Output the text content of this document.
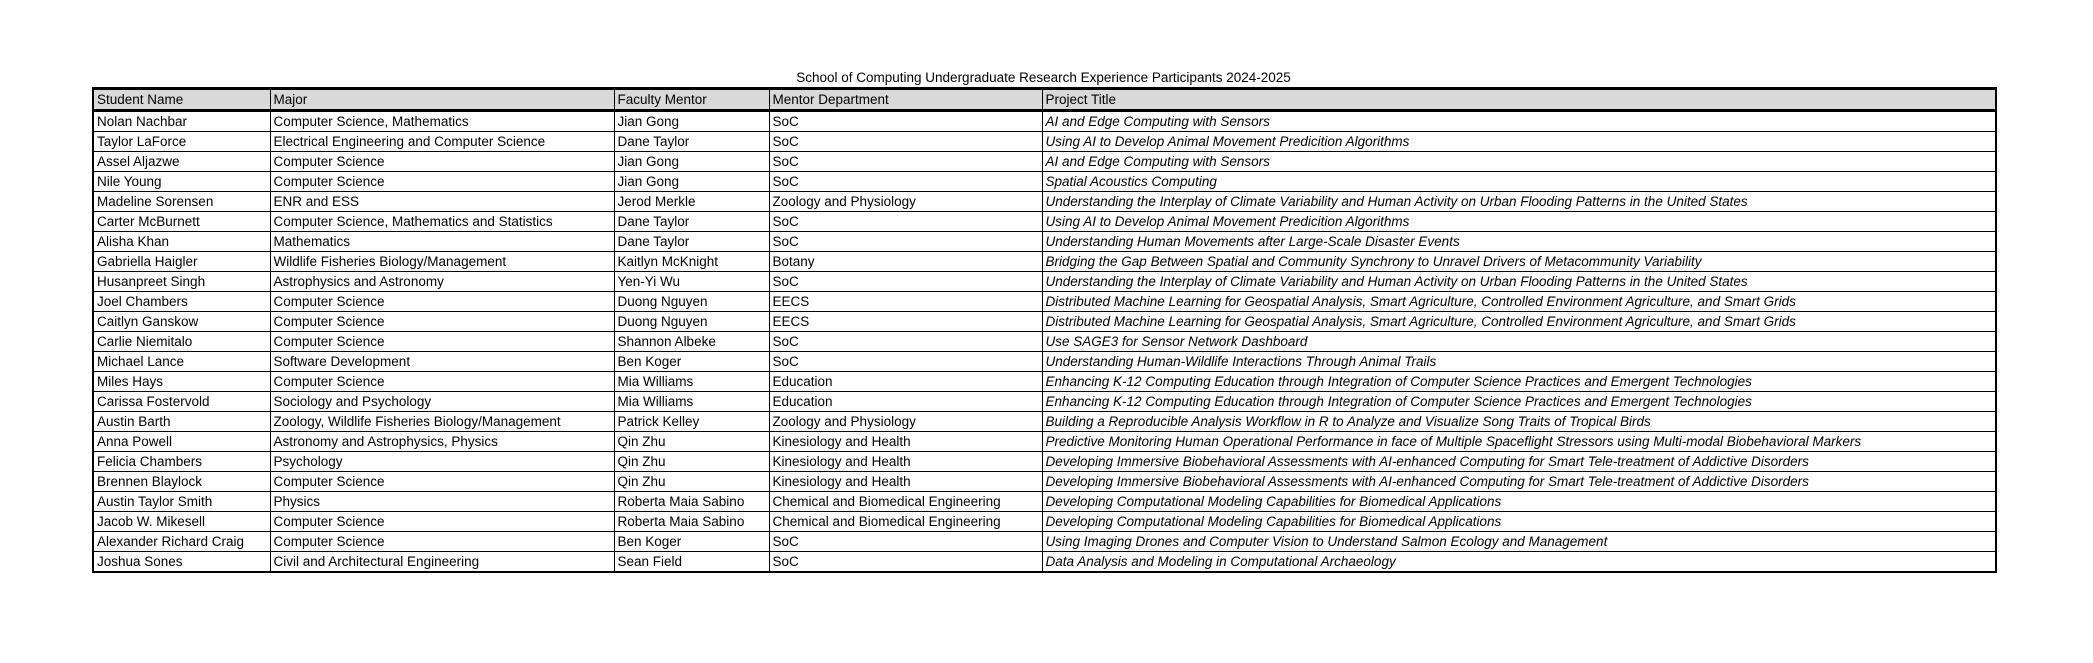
School of Computing Undergraduate Research Experience Participants 2024-2025
Student Name	Major	Faculty Mentor	Mentor Department	Project Title
Nolan Nachbar	Computer Science, Mathematics	Jian Gong	SoC	AI and Edge Computing with Sensors
Taylor LaForce	Electrical Engineering and Computer Science	Dane Taylor	SoC	Using AI to Develop Animal Movement Predicition Algorithms
Assel Aljazwe	Computer Science	Jian Gong	SoC	AI and Edge Computing with Sensors
Nile Young	Computer Science	Jian Gong	SoC	Spatial Acoustics Computing
Madeline Sorensen	ENR and ESS	Jerod Merkle	Zoology and Physiology	Understanding the Interplay of Climate Variability and Human Activity on Urban Flooding Patterns in the United States
Carter McBurnett	Computer Science, Mathematics and Statistics	Dane Taylor	SoC	Using AI to Develop Animal Movement Predicition Algorithms
Alisha Khan	Mathematics	Dane Taylor	SoC	Understanding Human Movements after Large-Scale Disaster Events
Gabriella Haigler	Wildlife Fisheries Biology/Management	Kaitlyn McKnight	Botany	Bridging the Gap Between Spatial and Community Synchrony to Unravel Drivers of Metacommunity Variability
Husanpreet Singh	Astrophysics and Astronomy	Yen-Yi Wu	SoC	Understanding the Interplay of Climate Variability and Human Activity on Urban Flooding Patterns in the United States
Joel Chambers	Computer Science	Duong Nguyen	EECS	Distributed Machine Learning for Geospatial Analysis, Smart Agriculture, Controlled Environment Agriculture, and Smart Grids
Caitlyn Ganskow	Computer Science	Duong Nguyen	EECS	Distributed Machine Learning for Geospatial Analysis, Smart Agriculture, Controlled Environment Agriculture, and Smart Grids
Carlie Niemitalo	Computer Science	Shannon Albeke	SoC	Use SAGE3 for Sensor Network Dashboard
Michael Lance	Software Development	Ben Koger	SoC	Understanding Human-Wildlife Interactions Through Animal Trails
Miles Hays	Computer Science	Mia Williams	Education	Enhancing K-12 Computing Education through Integration of Computer Science Practices and Emergent Technologies
Carissa Fostervold	Sociology and Psychology	Mia Williams	Education	Enhancing K-12 Computing Education through Integration of Computer Science Practices and Emergent Technologies
Austin Barth	Zoology, Wildlife Fisheries Biology/Management	Patrick Kelley	Zoology and Physiology	Building a Reproducible Analysis Workflow in R to Analyze and Visualize Song Traits of Tropical Birds
Anna Powell	Astronomy and Astrophysics, Physics	Qin Zhu	Kinesiology and Health	Predictive Monitoring Human Operational Performance in face of Multiple Spaceflight Stressors using Multi-modal Biobehavioral Markers
Felicia Chambers	Psychology	Qin Zhu	Kinesiology and Health	Developing Immersive Biobehavioral Assessments with AI-enhanced Computing for Smart Tele-treatment of Addictive Disorders
Brennen Blaylock	Computer Science	Qin Zhu	Kinesiology and Health	Developing Immersive Biobehavioral Assessments with AI-enhanced Computing for Smart Tele-treatment of Addictive Disorders
Austin Taylor Smith	Physics	Roberta Maia Sabino	Chemical and Biomedical Engineering	Developing Computational Modeling Capabilities for Biomedical Applications
Jacob W. Mikesell	Computer Science	Roberta Maia Sabino	Chemical and Biomedical Engineering	Developing Computational Modeling Capabilities for Biomedical Applications
Alexander Richard Craig	Computer Science	Ben Koger	SoC	Using Imaging Drones and Computer Vision to Understand Salmon Ecology and Management
Joshua Sones	Civil and Architectural Engineering	Sean Field	SoC	Data Analysis and Modeling in Computational Archaeology
